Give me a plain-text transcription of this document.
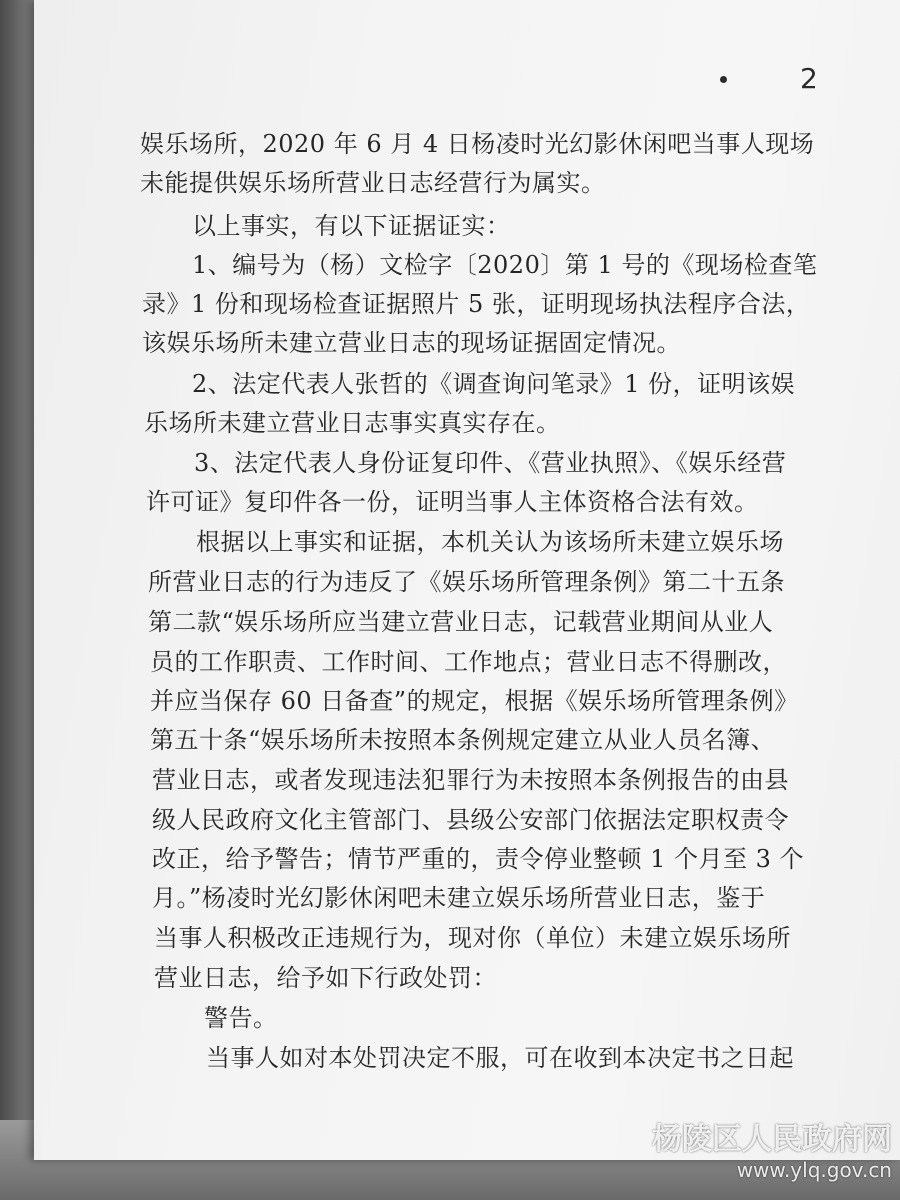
2

娱乐场所，2020 年 6 月 4 日杨凌时光幻影休闲吧当事人现场

未能提供娱乐场所营业日志经营行为属实。

以上事实，有以下证据证实：

1、编号为（杨）文检字〔2020〕第 1 号的《现场检查笔

录》1 份和现场检查证据照片 5 张，证明现场执法程序合法，

该娱乐场所未建立营业日志的现场证据固定情况。

2、法定代表人张哲的《调查询问笔录》1 份，证明该娱

乐场所未建立营业日志事实真实存在。

3、法定代表人身份证复印件、《营业执照》、《娱乐经营

许可证》复印件各一份，证明当事人主体资格合法有效。

根据以上事实和证据，本机关认为该场所未建立娱乐场

所营业日志的行为违反了《娱乐场所管理条例》第二十五条

第二款“娱乐场所应当建立营业日志，记载营业期间从业人

员的工作职责、工作时间、工作地点；营业日志不得删改，

并应当保存 60 日备查”的规定，根据《娱乐场所管理条例》

第五十条“娱乐场所未按照本条例规定建立从业人员名簿、

营业日志，或者发现违法犯罪行为未按照本条例报告的由县

级人民政府文化主管部门、县级公安部门依据法定职权责令

改正，给予警告；情节严重的，责令停业整顿 1 个月至 3 个

月。”杨凌时光幻影休闲吧未建立娱乐场所营业日志，鉴于

当事人积极改正违规行为，现对你（单位）未建立娱乐场所

营业日志，给予如下行政处罚：

警告。

当事人如对本处罚决定不服，可在收到本决定书之日起

杨陵区人民政府网
www.ylq.gov.cn
